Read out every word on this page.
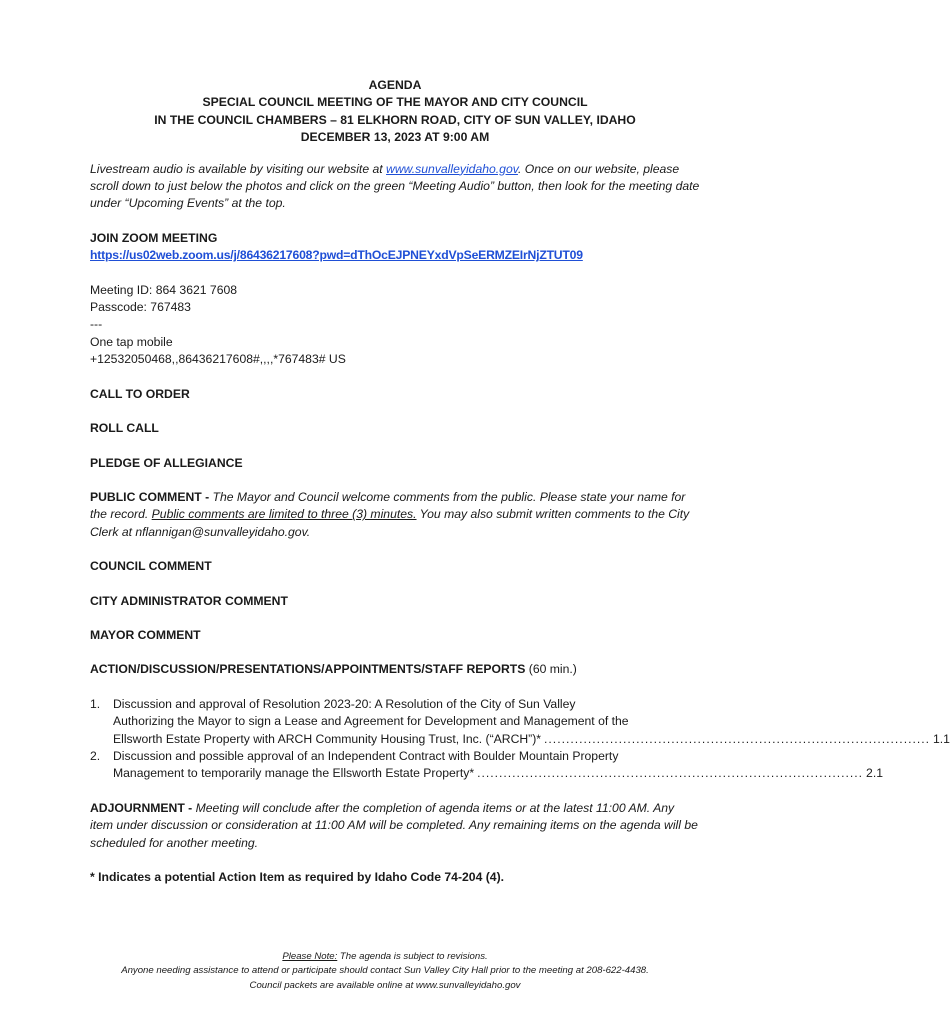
AGENDA

SPECIAL COUNCIL MEETING OF THE MAYOR AND CITY COUNCIL

IN THE COUNCIL CHAMBERS – 81 ELKHORN ROAD, CITY OF SUN VALLEY, IDAHO

DECEMBER 13, 2023 AT 9:00 AM

Livestream audio is available by visiting our website at www.sunvalleyidaho.gov. Once on our website, please scroll down to just below the photos and click on the green “Meeting Audio” button, then look for the meeting date under “Upcoming Events” at the top.

JOIN ZOOM MEETING

https://us02web.zoom.us/j/86436217608?pwd=dThOcEJPNEYxdVpSeERMZEIrNjZTUT09

Meeting ID: 864 3621 7608

Passcode: 767483

---

One tap mobile

+12532050468,,86436217608#,,,,*767483# US

CALL TO ORDER

ROLL CALL

PLEDGE OF ALLEGIANCE

PUBLIC COMMENT - The Mayor and Council welcome comments from the public. Please state your name for the record. Public comments are limited to three (3) minutes. You may also submit written comments to the City Clerk at nflannigan@sunvalleyidaho.gov.

COUNCIL COMMENT

CITY ADMINISTRATOR COMMENT

MAYOR COMMENT

ACTION/DISCUSSION/PRESENTATIONS/APPOINTMENTS/STAFF REPORTS (60 min.)

1. Discussion and approval of Resolution 2023-20: A Resolution of the City of Sun Valley
Authorizing the Mayor to sign a Lease and Agreement for Development and Management of the
Ellsworth Estate Property with ARCH Community Housing Trust, Inc. (“ARCH”)* ........................................................................................ 1.1
2. Discussion and possible approval of an Independent Contract with Boulder Mountain Property
Management to temporarily manage the Ellsworth Estate Property* ........................................................................................ 2.1

ADJOURNMENT - Meeting will conclude after the completion of agenda items or at the latest 11:00 AM. Any item under discussion or consideration at 11:00 AM will be completed. Any remaining items on the agenda will be scheduled for another meeting.

* Indicates a potential Action Item as required by Idaho Code 74-204 (4).

Please Note: The agenda is subject to revisions.

Anyone needing assistance to attend or participate should contact Sun Valley City Hall prior to the meeting at 208-622-4438.

Council packets are available online at www.sunvalleyidaho.gov
